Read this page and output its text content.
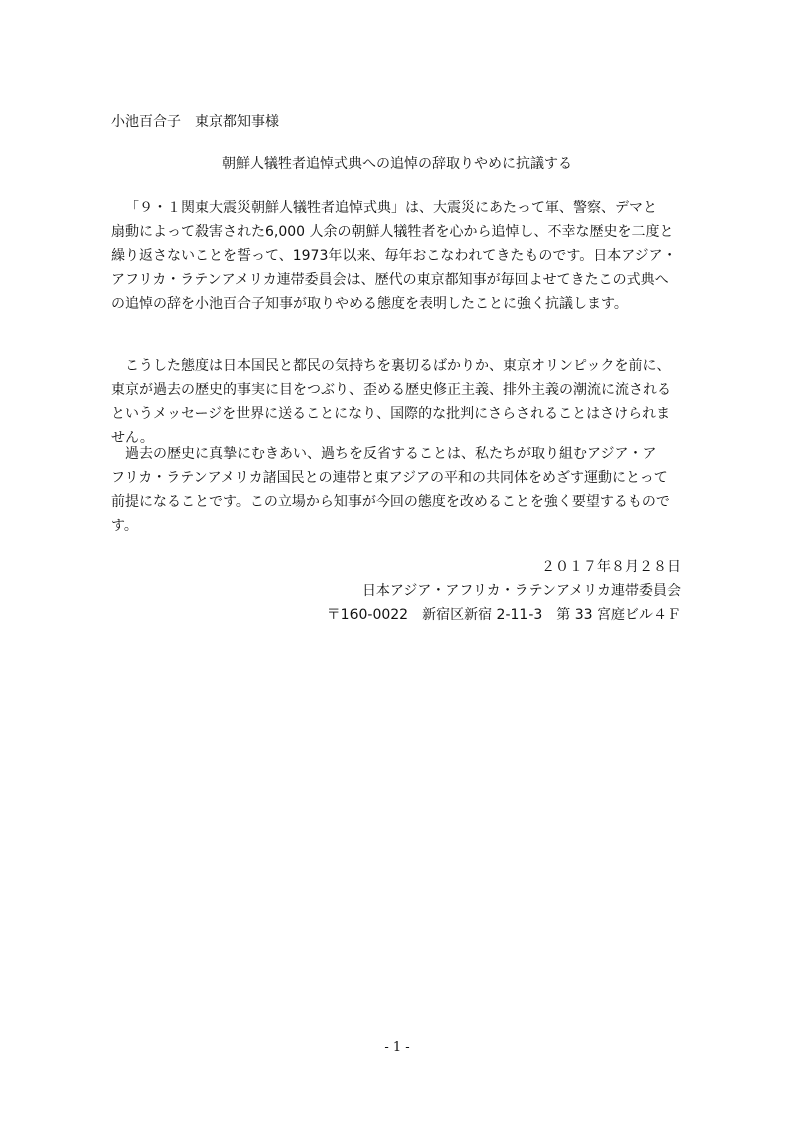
小池百合子　東京都知事様
朝鮮人犠牲者追悼式典への追悼の辞取りやめに抗議する
「９・１関東大震災朝鮮人犠牲者追悼式典」は、大震災にあたって軍、警察、デマと
扇動によって殺害された6,000 人余の朝鮮人犠牲者を心から追悼し、不幸な歴史を二度と
繰り返さないことを誓って、1973年以来、毎年おこなわれてきたものです。日本アジア・
アフリカ・ラテンアメリカ連帯委員会は、歴代の東京都知事が毎回よせてきたこの式典へ
の追悼の辞を小池百合子知事が取りやめる態度を表明したことに強く抗議します。
こうした態度は日本国民と都民の気持ちを裏切るばかりか、東京オリンピックを前に、
東京が過去の歴史的事実に目をつぶり、歪める歴史修正主義、排外主義の潮流に流される
というメッセージを世界に送ることになり、国際的な批判にさらされることはさけられま
せん。
過去の歴史に真摯にむきあい、過ちを反省することは、私たちが取り組むアジア・ア
フリカ・ラテンアメリカ諸国民との連帯と東アジアの平和の共同体をめざす運動にとって
前提になることです。この立場から知事が今回の態度を改めることを強く要望するもので
す。
２０１７年８月２８日
日本アジア・アフリカ・ラテンアメリカ連帯委員会
〒160-0022　新宿区新宿 2-11-3　第 33 宮庭ビル４Ｆ
- 1 -
